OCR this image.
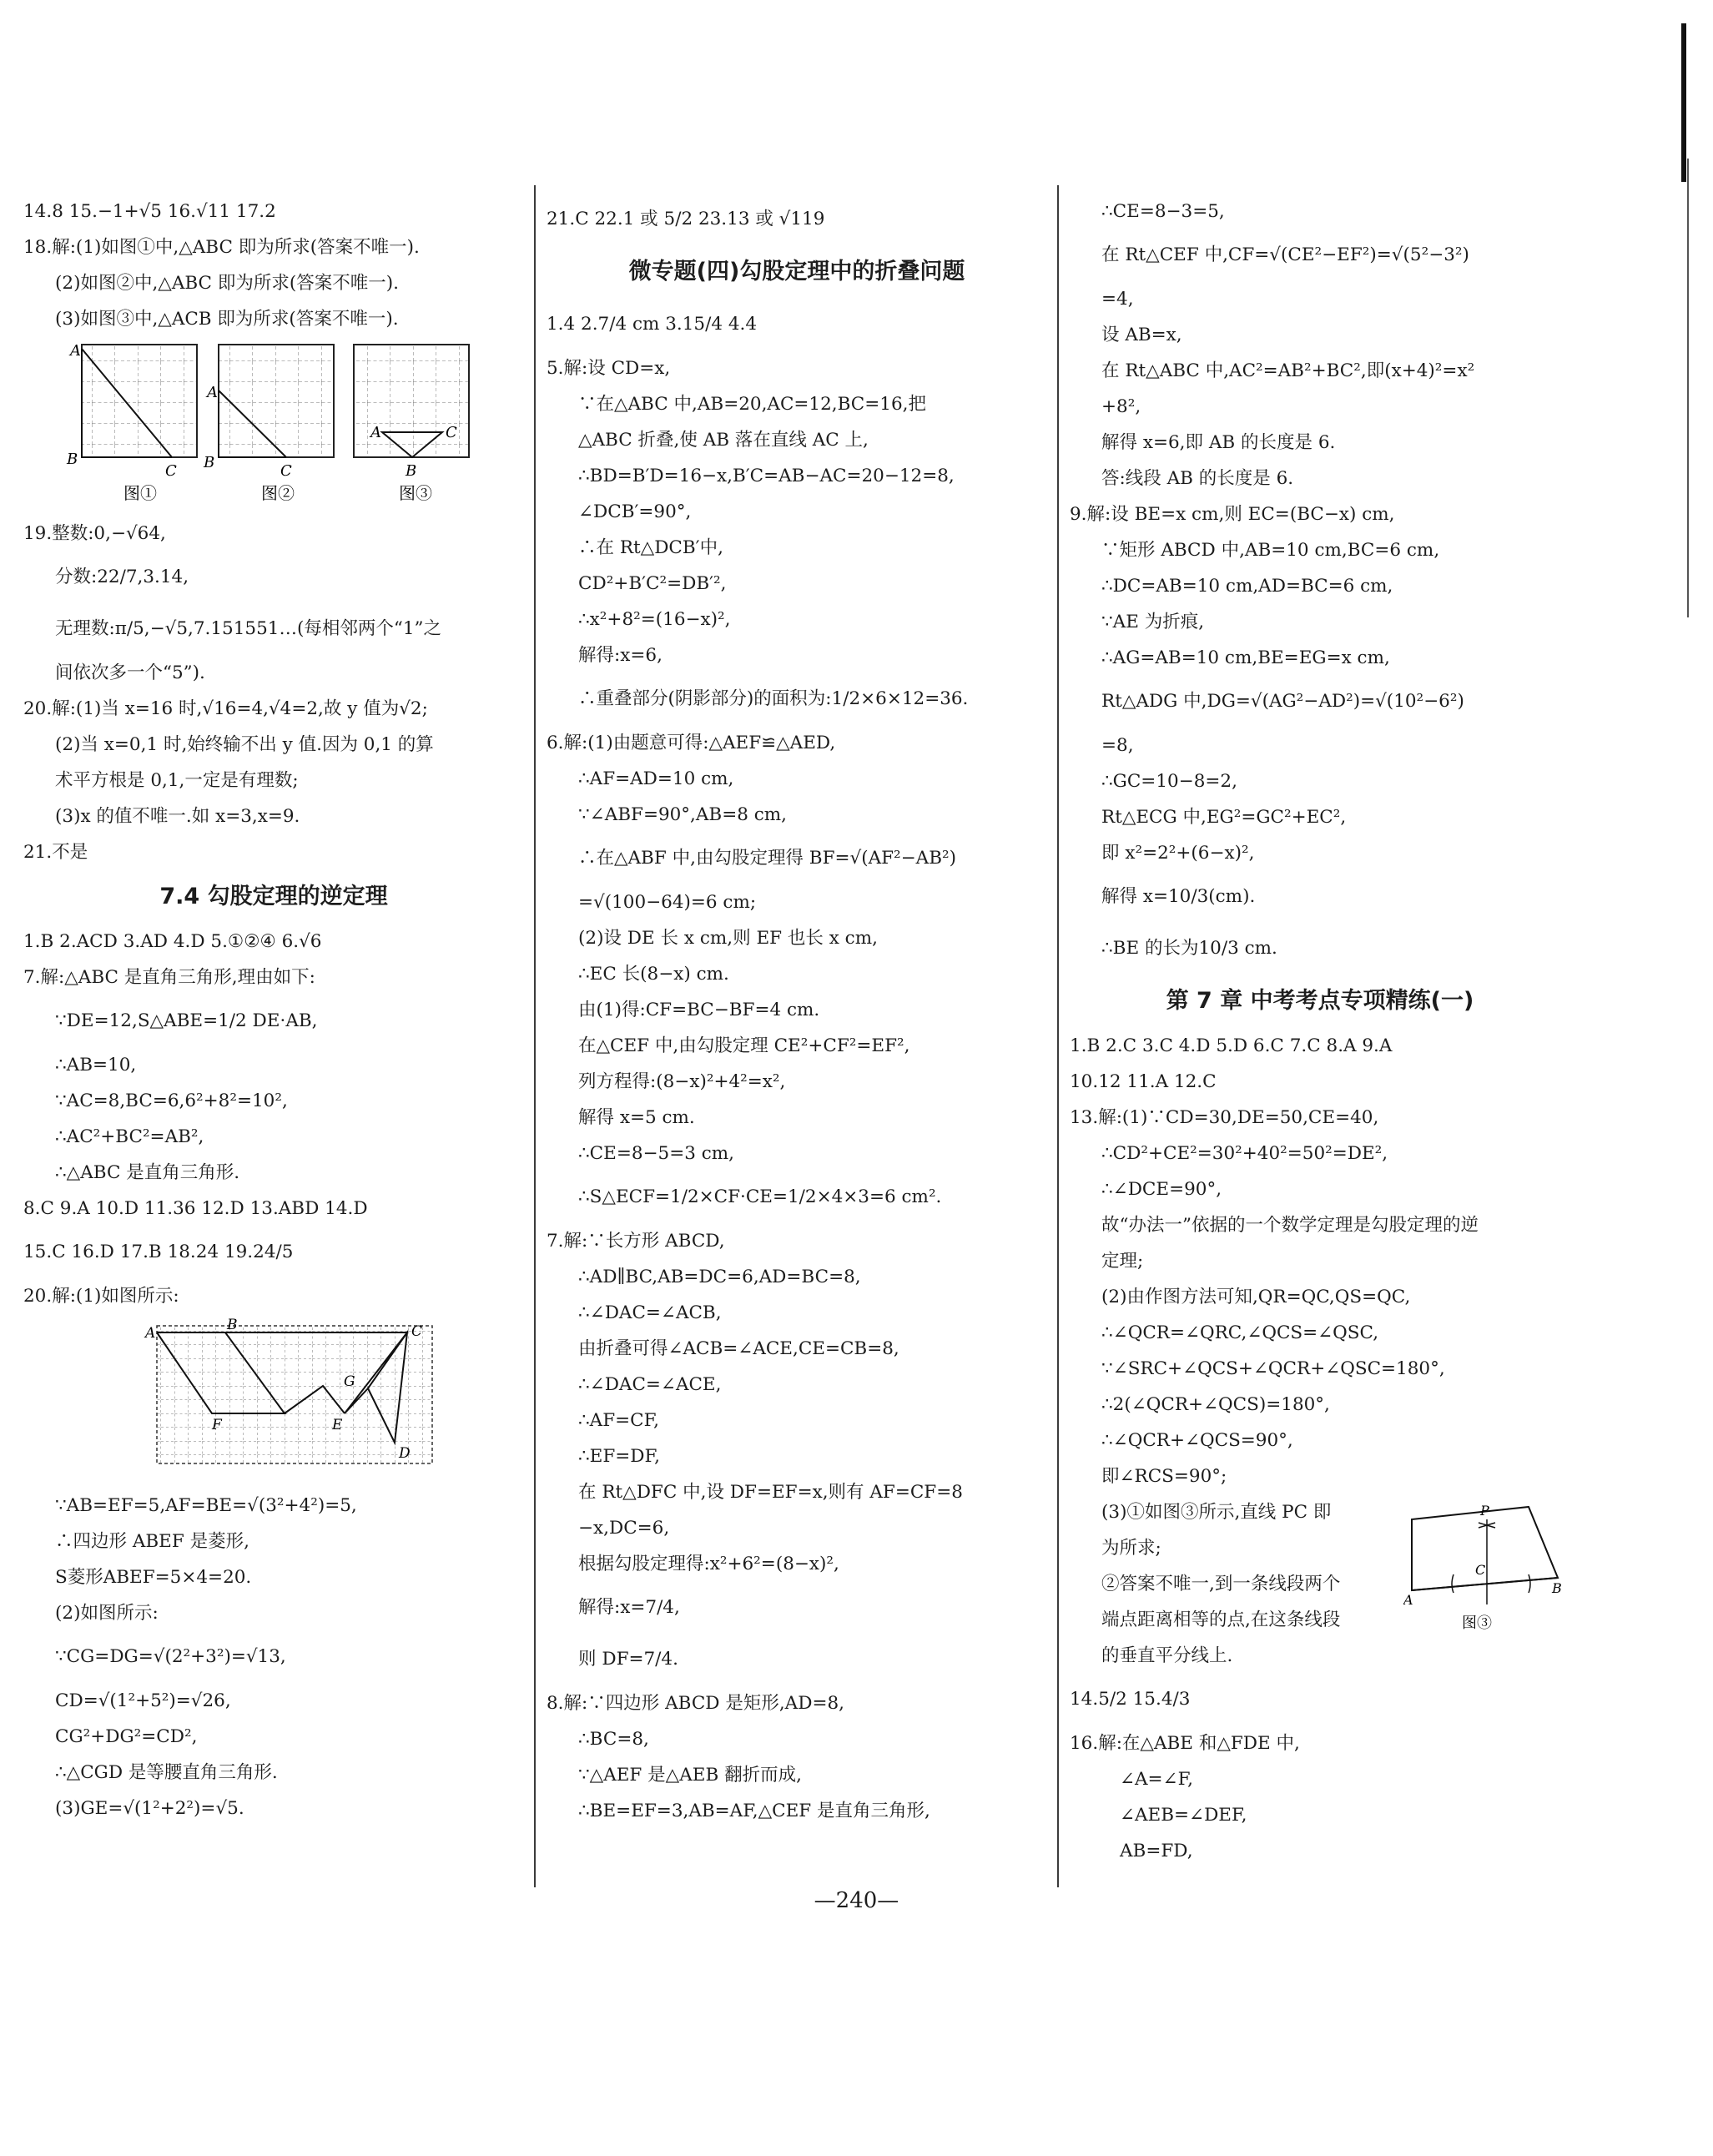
14.8 15.−1+√5 16.√11 17.2
18.解:(1)如图①中,△ABC 即为所求(答案不唯一).
(2)如图②中,△ABC 即为所求(答案不唯一).
(3)如图③中,△ACB 即为所求(答案不唯一).
A
B
C
图①
A
B	C
图②
A
B
C
图③
19.整数:0,−√64,
分数:22/7,3.14,
无理数:π/5,−√5,7.151551…(每相邻两个“1”之
间依次多一个“5”).
20.解:(1)当 x=16 时,√16=4,√4=2,故 y 值为√2;
(2)当 x=0,1 时,始终输不出 y 值.因为 0,1 的算
术平方根是 0,1,一定是有理数;
(3)x 的值不唯一.如 x=3,x=9.
21.不是
7.4 勾股定理的逆定理
1.B 2.ACD 3.AD 4.D 5.①②④ 6.√6
7.解:△ABC 是直角三角形,理由如下:
∵DE=12,S△ABE=1/2 DE·AB,
∴AB=10,
∵AC=8,BC=6,6²+8²=10²,
∴AC²+BC²=AB²,
∴△ABC 是直角三角形.
8.C 9.A 10.D 11.36 12.D 13.ABD 14.D
15.C 16.D 17.B 18.24 19.24/5
20.解:(1)如图所示:
A	B	C
G
F	E
D
∵AB=EF=5,AF=BE=√(3²+4²)=5,
∴四边形 ABEF 是菱形,
S菱形ABEF=5×4=20.
(2)如图所示:
∵CG=DG=√(2²+3²)=√13,
CD=√(1²+5²)=√26,
CG²+DG²=CD²,
∴△CGD 是等腰直角三角形.
(3)GE=√(1²+2²)=√5.
21.C 22.1 或 5/2 23.13 或 √119
微专题(四)勾股定理中的折叠问题
1.4 2.7/4 cm 3.15/4 4.4
5.解:设 CD=x,
∵在△ABC 中,AB=20,AC=12,BC=16,把
△ABC 折叠,使 AB 落在直线 AC 上,
∴BD=B′D=16−x,B′C=AB−AC=20−12=8,
∠DCB′=90°,
∴在 Rt△DCB′中,
CD²+B′C²=DB′²,
∴x²+8²=(16−x)²,
解得:x=6,
∴重叠部分(阴影部分)的面积为:1/2×6×12=36.
6.解:(1)由题意可得:△AEF≌△AED,
∴AF=AD=10 cm,
∵∠ABF=90°,AB=8 cm,
∴在△ABF 中,由勾股定理得 BF=√(AF²−AB²)
=√(100−64)=6 cm;
(2)设 DE 长 x cm,则 EF 也长 x cm,
∴EC 长(8−x) cm.
由(1)得:CF=BC−BF=4 cm.
在△CEF 中,由勾股定理 CE²+CF²=EF²,
列方程得:(8−x)²+4²=x²,
解得 x=5 cm.
∴CE=8−5=3 cm,
∴S△ECF=1/2×CF·CE=1/2×4×3=6 cm².
7.解:∵长方形 ABCD,
∴AD∥BC,AB=DC=6,AD=BC=8,
∴∠DAC=∠ACB,
由折叠可得∠ACB=∠ACE,CE=CB=8,
∴∠DAC=∠ACE,
∴AF=CF,
∴EF=DF,
在 Rt△DFC 中,设 DF=EF=x,则有 AF=CF=8
−x,DC=6,
根据勾股定理得:x²+6²=(8−x)²,
解得:x=7/4,
则 DF=7/4.
8.解:∵四边形 ABCD 是矩形,AD=8,
∴BC=8,
∵△AEF 是△AEB 翻折而成,
∴BE=EF=3,AB=AF,△CEF 是直角三角形,
∴CE=8−3=5,
在 Rt△CEF 中,CF=√(CE²−EF²)=√(5²−3²)
=4,
设 AB=x,
在 Rt△ABC 中,AC²=AB²+BC²,即(x+4)²=x²
+8²,
解得 x=6,即 AB 的长度是 6.
答:线段 AB 的长度是 6.
9.解:设 BE=x cm,则 EC=(BC−x) cm,
∵矩形 ABCD 中,AB=10 cm,BC=6 cm,
∴DC=AB=10 cm,AD=BC=6 cm,
∵AE 为折痕,
∴AG=AB=10 cm,BE=EG=x cm,
Rt△ADG 中,DG=√(AG²−AD²)=√(10²−6²)
=8,
∴GC=10−8=2,
Rt△ECG 中,EG²=GC²+EC²,
即 x²=2²+(6−x)²,
解得 x=10/3(cm).
∴BE 的长为10/3 cm.
第 7 章 中考考点专项精练(一)
1.B 2.C 3.C 4.D 5.D 6.C 7.C 8.A 9.A
10.12 11.A 12.C
13.解:(1)∵CD=30,DE=50,CE=40,
∴CD²+CE²=30²+40²=50²=DE²,
∴∠DCE=90°,
故“办法一”依据的一个数学定理是勾股定理的逆
定理;
(2)由作图方法可知,QR=QC,QS=QC,
∴∠QCR=∠QRC,∠QCS=∠QSC,
∵∠SRC+∠QCS+∠QCR+∠QSC=180°,
∴2(∠QCR+∠QCS)=180°,
∴∠QCR+∠QCS=90°,
即∠RCS=90°;
(3)①如图③所示,直线 PC 即
为所求;
②答案不唯一,到一条线段两个
端点距离相等的点,在这条线段
的垂直平分线上.
P
C
A
B
图③
14.5/2 15.4/3
16.解:在△ABE 和△FDE 中,
∠A=∠F,
∠AEB=∠DEF,
AB=FD,
—240—
